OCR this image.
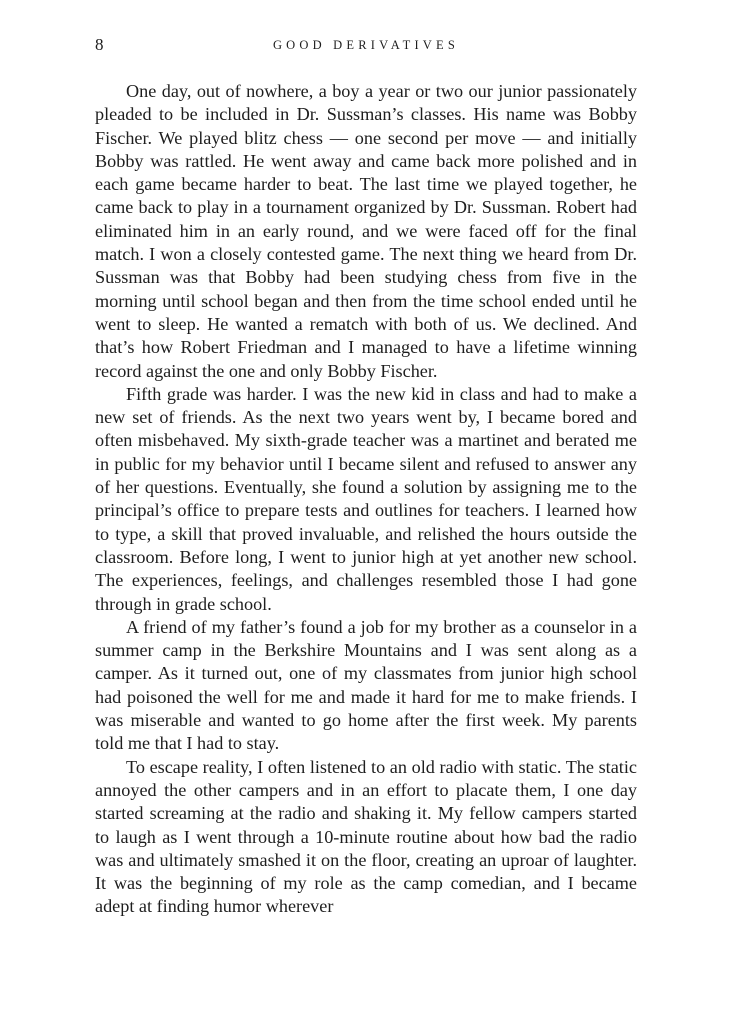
8	GOOD DERIVATIVES

One day, out of nowhere, a boy a year or two our junior passionately pleaded to be included in Dr. Sussman’s classes. His name was Bobby Fischer. We played blitz chess — one second per move — and initially Bobby was rattled. He went away and came back more polished and in each game became harder to beat. The last time we played together, he came back to play in a tournament organized by Dr. Sussman. Robert had eliminated him in an early round, and we were faced off for the final match. I won a closely contested game. The next thing we heard from Dr. Sussman was that Bobby had been studying chess from five in the morning until school began and then from the time school ended until he went to sleep. He wanted a rematch with both of us. We declined. And that’s how Robert Friedman and I managed to have a lifetime winning record against the one and only Bobby Fischer.

Fifth grade was harder. I was the new kid in class and had to make a new set of friends. As the next two years went by, I became bored and often misbehaved. My sixth-grade teacher was a martinet and berated me in public for my behavior until I became silent and refused to answer any of her questions. Eventually, she found a solution by assigning me to the principal’s office to prepare tests and outlines for teachers. I learned how to type, a skill that proved invaluable, and relished the hours outside the classroom. Before long, I went to junior high at yet another new school. The experiences, feelings, and challenges resembled those I had gone through in grade school.

A friend of my father’s found a job for my brother as a counselor in a summer camp in the Berkshire Mountains and I was sent along as a camper. As it turned out, one of my classmates from junior high school had poisoned the well for me and made it hard for me to make friends. I was miserable and wanted to go home after the first week. My parents told me that I had to stay.

To escape reality, I often listened to an old radio with static. The static annoyed the other campers and in an effort to placate them, I one day started screaming at the radio and shaking it. My fellow campers started to laugh as I went through a 10-minute routine about how bad the radio was and ultimately smashed it on the floor, creating an uproar of laughter. It was the beginning of my role as the camp comedian, and I became adept at finding humor wherever
